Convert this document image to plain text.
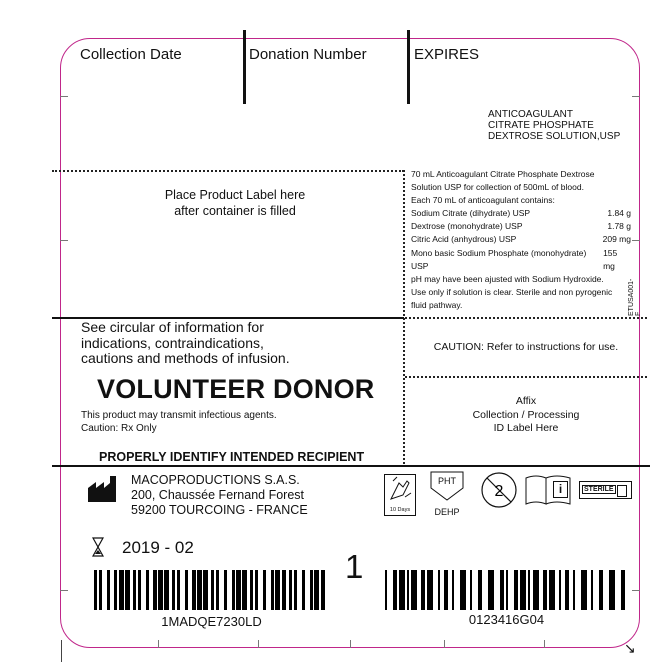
↘
Collection Date	Donation Number	EXPIRES
ANTICOAGULANT
CITRATE PHOSPHATE
DEXTROSE SOLUTION,USP
Place Product Label here
after container is filled
70 mL Anticoagulant Citrate Phosphate Dextrose
Solution USP for collection of 500mL of blood.
Each 70 mL of anticoagulant contains:
Sodium Citrate (dihydrate) USP	1.84 g
Dextrose (monohydrate) USP	1.78 g
Citric Acid (anhydrous) USP	209 mg
Mono basic Sodium Phosphate (monohydrate) USP
155 mg
pH may have been ajusted with Sodium Hydroxide.
Use only if solution is clear. Sterile and non pyrogenic
fluid pathway.	ETUSA001-F
See circular of information for
indications, contraindications,
cautions and methods of infusion.
CAUTION: Refer to instructions for use.
VOLUNTEER DONOR
This product may transmit infectious agents.
Caution: Rx Only
PROPERLY IDENTIFY INTENDED RECIPIENT
Affix
Collection / Processing
ID Label Here
MACOPRODUCTIONS S.A.S.
200, Chaussée Fernand Forest
59200 TOURCOING - FRANCE	10 Days
PHT
DEHP
2	i	STERILE
2019 - 02
1
1MADQE7230LD	0123416G04
